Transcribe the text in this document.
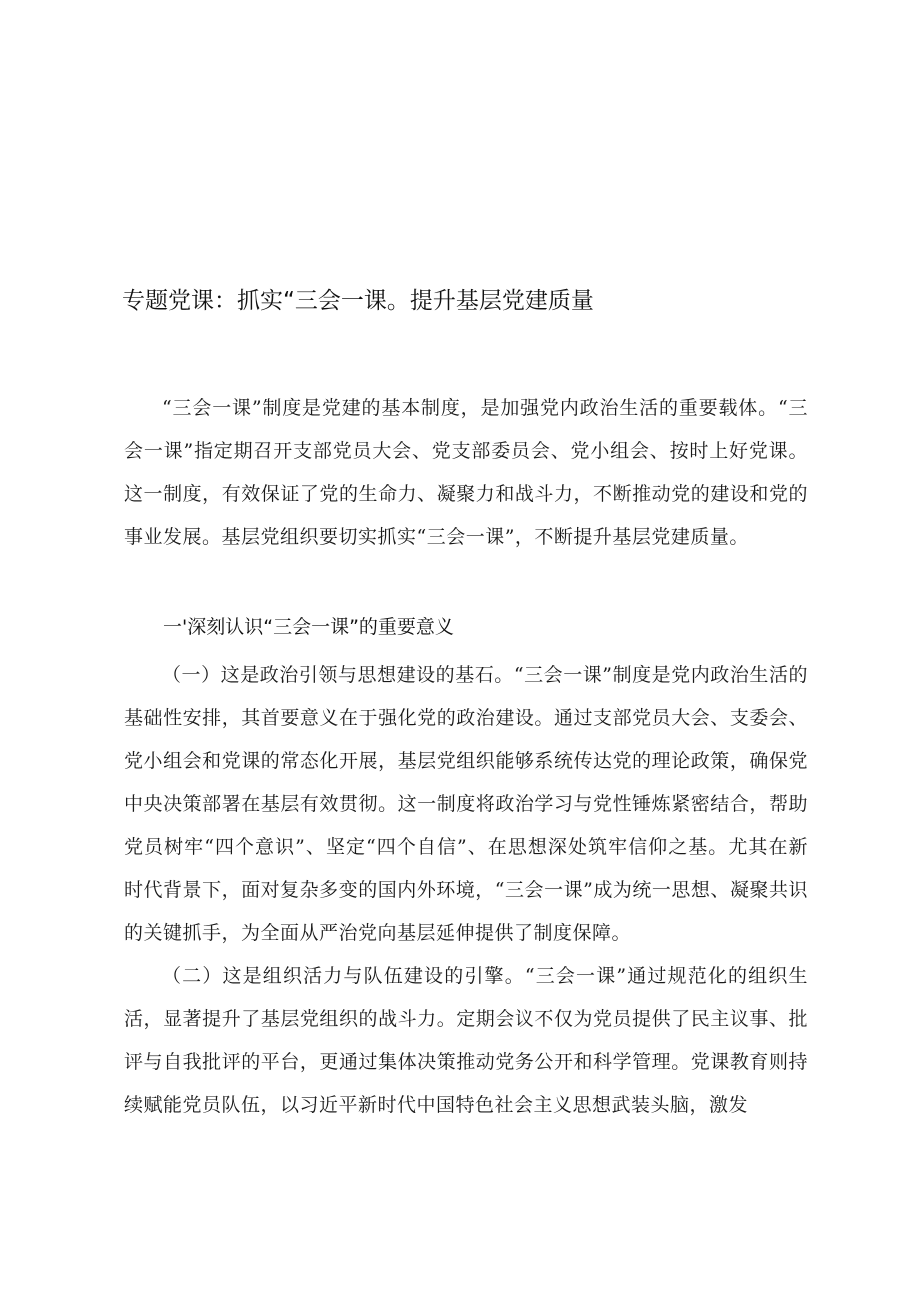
专题党课：抓实“三会一课。提升基层党建质量

“三会一课”制度是党建的基本制度，是加强党内政治生活的重要载体。“三会一课”指定期召开支部党员大会、党支部委员会、党小组会、按时上好党课。这一制度，有效保证了党的生命力、凝聚力和战斗力，不断推动党的建设和党的事业发展。基层党组织要切实抓实“三会一课”，不断提升基层党建质量。

一'深刻认识“三会一课”的重要意义

（一）这是政治引领与思想建设的基石。“三会一课”制度是党内政治生活的基础性安排，其首要意义在于强化党的政治建设。通过支部党员大会、支委会、党小组会和党课的常态化开展，基层党组织能够系统传达党的理论政策，确保党中央决策部署在基层有效贯彻。这一制度将政治学习与党性锤炼紧密结合，帮助党员树牢“四个意识”、坚定“四个自信”、在思想深处筑牢信仰之基。尤其在新时代背景下，面对复杂多变的国内外环境，“三会一课”成为统一思想、凝聚共识的关键抓手，为全面从严治党向基层延伸提供了制度保障。

（二）这是组织活力与队伍建设的引擎。“三会一课”通过规范化的组织生活，显著提升了基层党组织的战斗力。定期会议不仅为党员提供了民主议事、批评与自我批评的平台，更通过集体决策推动党务公开和科学管理。党课教育则持续赋能党员队伍，以习近平新时代中国特色社会主义思想武装头脑，激发
